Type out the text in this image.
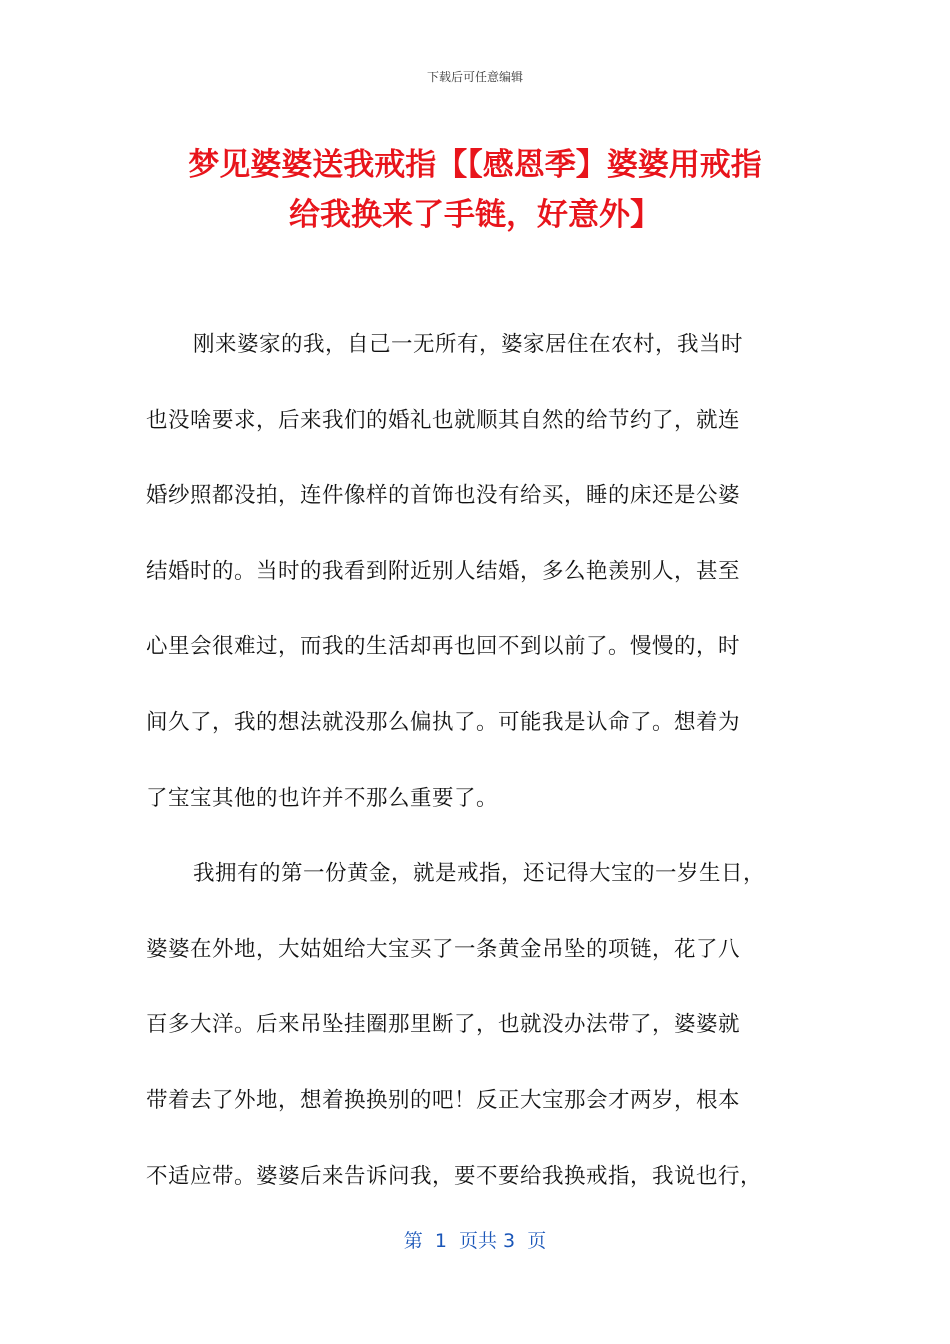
下载后可任意编辑
梦见婆婆送我戒指【【感恩季】婆婆用戒指
给我换来了手链，好意外】
刚来婆家的我，自己一无所有，婆家居住在农村，我当时
也没啥要求，后来我们的婚礼也就顺其自然的给节约了，就连
婚纱照都没拍，连件像样的首饰也没有给买，睡的床还是公婆
结婚时的。当时的我看到附近别人结婚，多么艳羡别人，甚至
心里会很难过，而我的生活却再也回不到以前了。慢慢的，时
间久了，我的想法就没那么偏执了。可能我是认命了。想着为
了宝宝其他的也许并不那么重要了。
我拥有的第一份黄金，就是戒指，还记得大宝的一岁生日，
婆婆在外地，大姑姐给大宝买了一条黄金吊坠的项链，花了八
百多大洋。后来吊坠挂圈那里断了，也就没办法带了，婆婆就
带着去了外地，想着换换别的吧！反正大宝那会才两岁，根本
不适应带。婆婆后来告诉问我，要不要给我换戒指，我说也行，
第  1  页共 3  页
